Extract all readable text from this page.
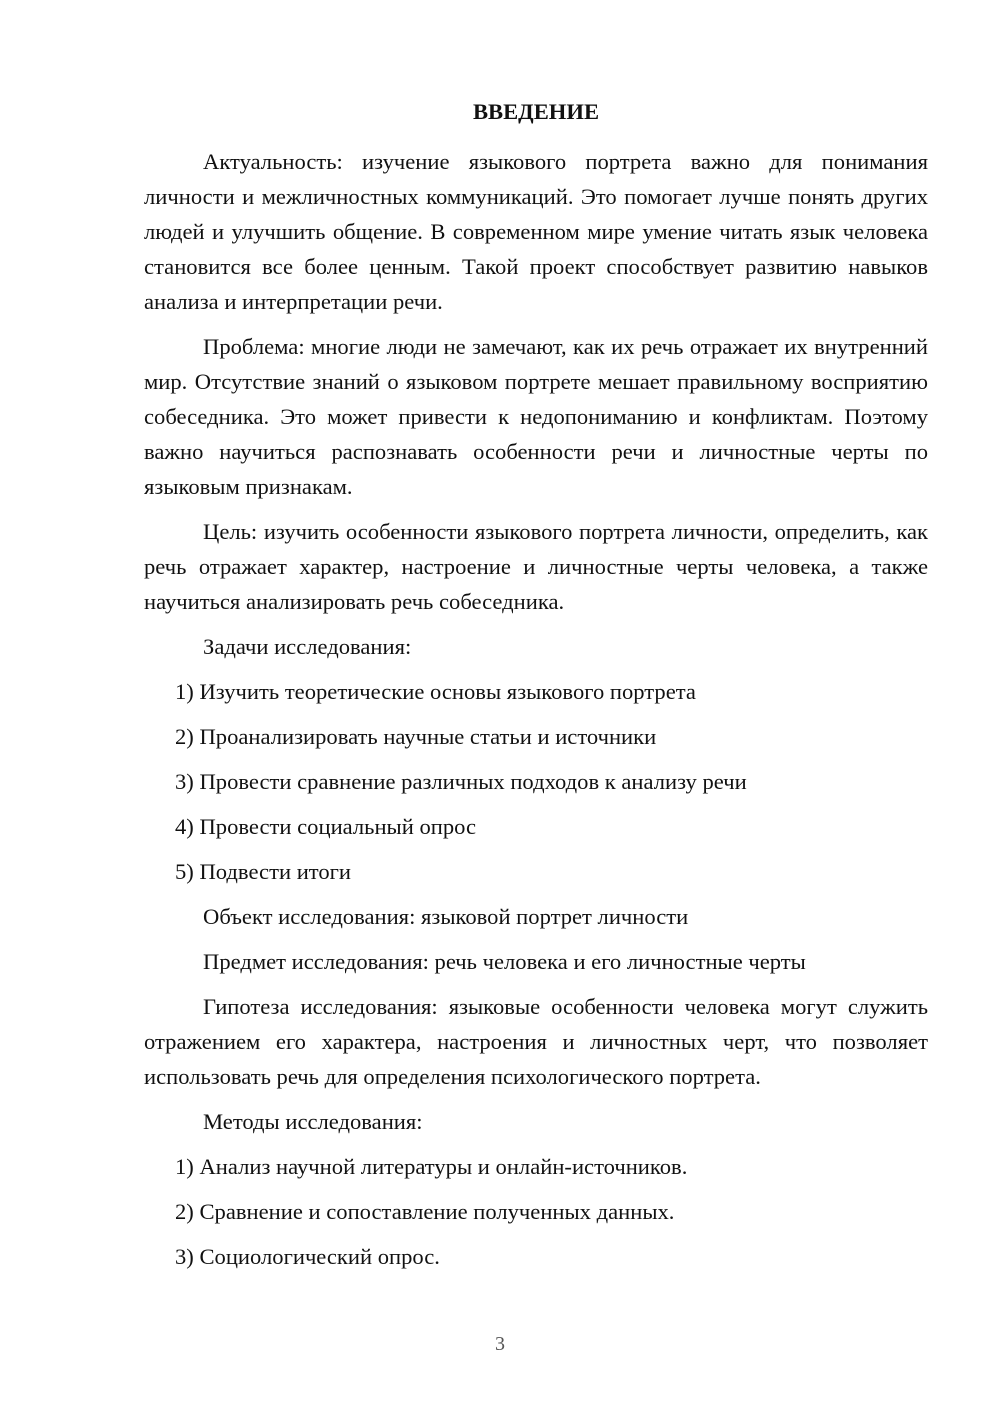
ВВЕДЕНИЕ

Актуальность: изучение языкового портрета важно для понимания личности и межличностных коммуникаций. Это помогает лучше понять других людей и улучшить общение. В современном мире умение читать язык человека становится все более ценным. Такой проект способствует развитию навыков анализа и интерпретации речи.

Проблема: многие люди не замечают, как их речь отражает их внутренний мир. Отсутствие знаний о языковом портрете мешает правильному восприятию собеседника. Это может привести к недопониманию и конфликтам. Поэтому важно научиться распознавать особенности речи и личностные черты по языковым признакам.

Цель: изучить особенности языкового портрета личности, определить, как речь отражает характер, настроение и личностные черты человека, а также научиться анализировать речь собеседника.

Задачи исследования:
1) Изучить теоретические основы языкового портрета
2) Проанализировать научные статьи и источники
3) Провести сравнение различных подходов к анализу речи
4) Провести социальный опрос
5) Подвести итоги
Объект исследования: языковой портрет личности
Предмет исследования: речь человека и его личностные черты

Гипотеза исследования: языковые особенности человека могут служить отражением его характера, настроения и личностных черт, что позволяет использовать речь для определения психологического портрета.

Методы исследования:
1) Анализ научной литературы и онлайн-источников.
2) Сравнение и сопоставление полученных данных.
3) Социологический опрос.
3
